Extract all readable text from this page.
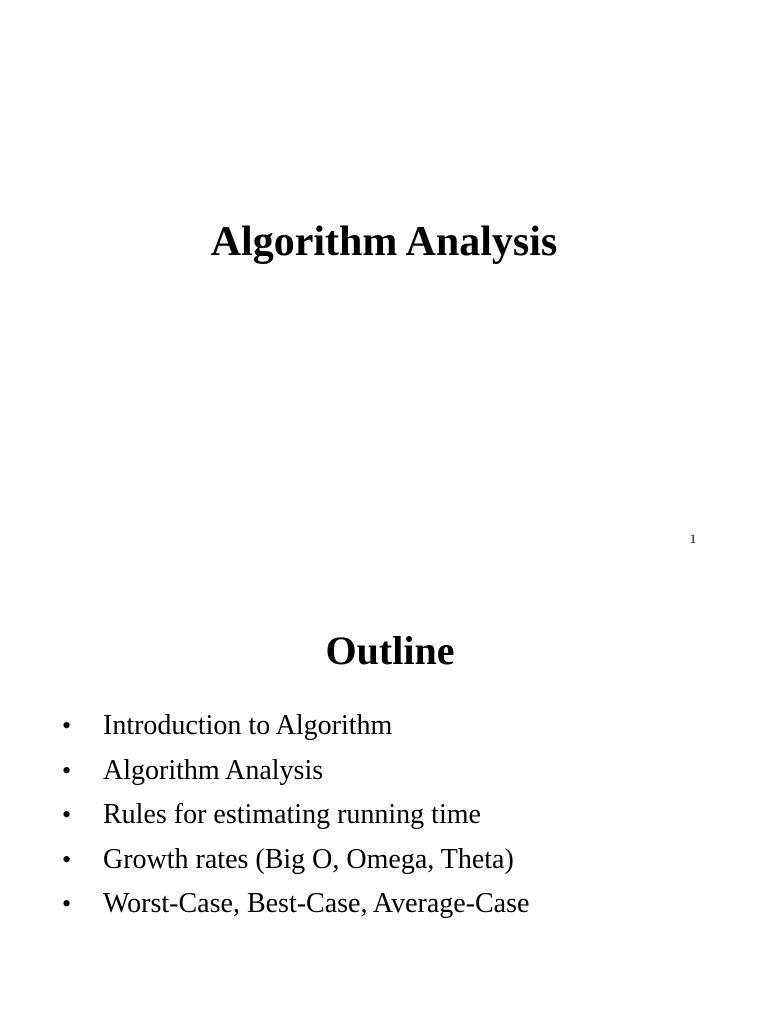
Algorithm Analysis
1
Outline
•	Introduction to Algorithm
•	Algorithm Analysis
•	Rules for estimating running time
•	Growth rates (Big O, Omega, Theta)
•	Worst-Case, Best-Case, Average-Case
